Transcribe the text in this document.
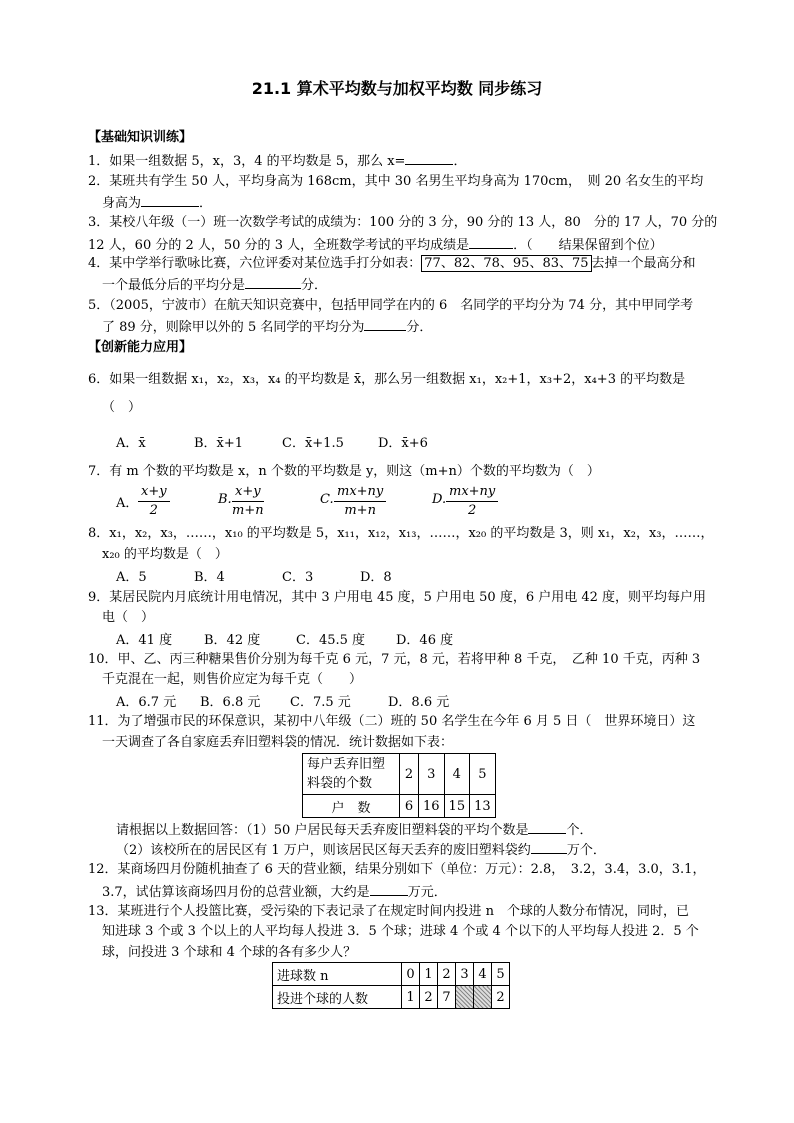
21.1 算术平均数与加权平均数 同步练习
【基础知识训练】
1．如果一组数据 5，x，3，4 的平均数是 5，那么 x=	．
2．某班共有学生 50 人，平均身高为 168cm，其中 30 名男生平均身高为 170cm，　则 20 名女生的平均
身高为	．
3．某校八年级（一）班一次数学考试的成绩为：100 分的 3 分，90 分的 13 人，80　分的 17 人，70 分的
12 人，60 分的 2 人，50 分的 3 人，全班数学考试的平均成绩是	．（　　结果保留到个位）
4．某中学举行歌咏比赛，六位评委对某位选手打分如表： 77、82、78、95、83、75 去掉一个最高分和
一个最低分后的平均分是	分．
5．（2005，宁波市）在航天知识竞赛中，包括甲同学在内的 6　名同学的平均分为 74 分，其中甲同学考
了 89 分，则除甲以外的 5 名同学的平均分为	分．
【创新能力应用】
6．如果一组数据 x₁，x₂，x₃，x₄ 的平均数是 x̄，那么另一组数据 x₁，x₂+1，x₃+2，x₄+3 的平均数是
（　）
A．x̄	B．x̄+1	C．x̄+1.5	D．x̄+6
7．有 m 个数的平均数是 x，n 个数的平均数是 y，则这（m+n）个数的平均数为（　）
A． $\frac{x+y}{2}$	B. $\frac{x+y}{m+n}$	C. $\frac{mx+ny}{m+n}$	D. $\frac{mx+ny}{2}$
8．x₁，x₂，x₃，……，x₁₀ 的平均数是 5，x₁₁，x₁₂，x₁₃，……，x₂₀ 的平均数是 3，则 x₁，x₂，x₃，……，
x₂₀ 的平均数是（　）
A．5	B．4	C．3	D．8
9．某居民院内月底统计用电情况，其中 3 户用电 45 度，5 户用电 50 度，6 户用电 42 度，则平均每户用
电（　）
A．41 度 B．42 度	C．45.5 度 D．46 度
10．甲、乙、丙三种糖果售价分别为每千克 6 元，7 元，8 元，若将甲种 8 千克，　乙种 10 千克，丙种 3
千克混在一起，则售价应定为每千克（　　）
A．6.7 元 B．6.8 元 C．7.5 元	D．8.6 元
11．为了增强市民的环保意识，某初中八年级（二）班的 50 名学生在今年 6 月 5 日（　世界环境日）这
一天调查了各自家庭丢弃旧塑料袋的情况．统计数据如下表：
每户丢弃旧塑料袋的个数	2	3	4	5
户　数	6	16	15	13
请根据以上数据回答：（1）50 户居民每天丢弃废旧塑料袋的平均个数是	个．
（2）该校所在的居民区有 1 万户，则该居民区每天丢弃的废旧塑料袋约	万个．
12．某商场四月份随机抽查了 6 天的营业额，结果分别如下（单位：万元）：2.8，　3.2，3.4，3.0，3.1，
3.7，试估算该商场四月份的总营业额，大约是	万元．
13．某班进行个人投篮比赛，受污染的下表记录了在规定时间内投进 n　个球的人数分布情况，同时，已
知进球 3 个或 3 个以上的人平均每人投进 3．5 个球；进球 4 个或 4 个以下的人平均每人投进 2．5 个
球，问投进 3 个球和 4 个球的各有多少人？
进球数 n	0	1	2	3	4	5
投进个球的人数	1	2	7			2
